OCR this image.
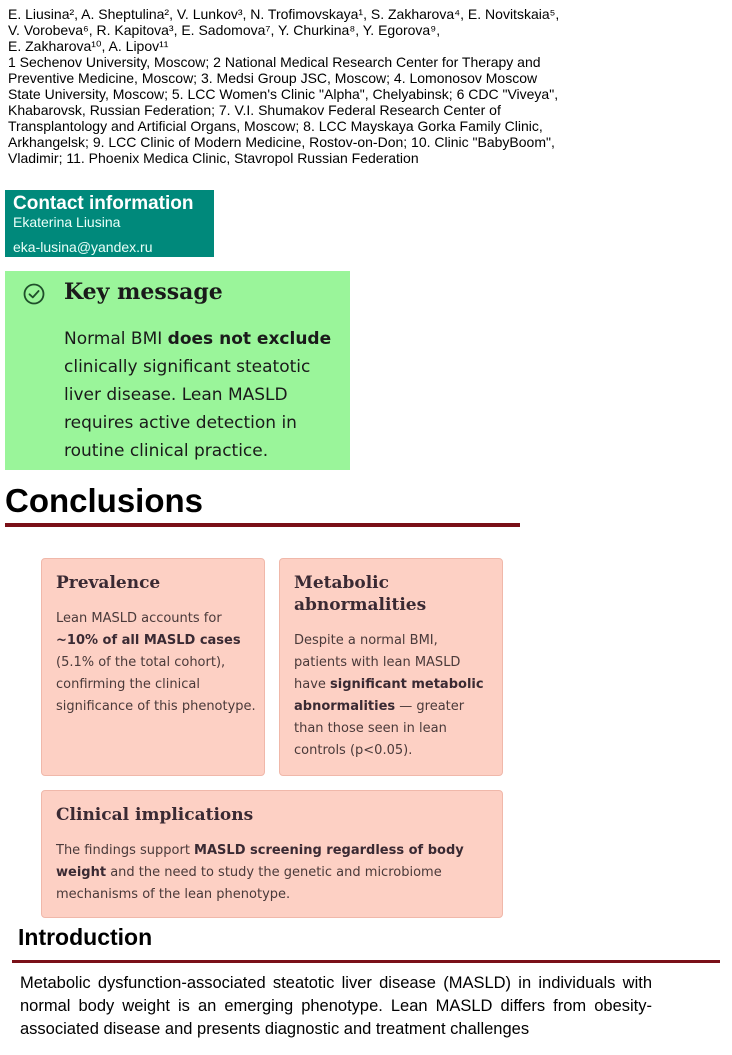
E. Liusina², A. Sheptulina², V. Lunkov³, N. Trofimovskaya¹, S. Zakharova⁴, E. Novitskaia⁵,

V. Vorobeva⁶, R. Kapitova³, E. Sadomova⁷, Y. Churkina⁸, Y. Egorova⁹,

E. Zakharova¹⁰, A. Lipov¹¹

1 Sechenov University, Moscow; 2 National Medical Research Center for Therapy and

Preventive Medicine, Moscow; 3. Medsi Group JSC, Moscow; 4. Lomonosov Moscow

State University, Moscow; 5. LCC Women's Clinic "Alpha", Chelyabinsk; 6 CDC "Viveya",

Khabarovsk, Russian Federation; 7. V.I. Shumakov Federal Research Center of

Transplantology and Artificial Organs, Moscow; 8. LCC Mayskaya Gorka Family Clinic,

Arkhangelsk; 9. LCC Clinic of Modern Medicine, Rostov-on-Don; 10. Clinic "BabyBoom",

Vladimir; 11. Phoenix Medica Clinic, Stavropol Russian Federation

Contact information
Ekaterina Liusina
eka-lusina@yandex.ru
Key message
Normal BMI does not exclude clinically significant steatotic liver disease. Lean MASLD requires active detection in routine clinical practice.
Conclusions
Prevalence
Lean MASLD accounts for ~10% of all MASLD cases (5.1% of the total cohort), confirming the clinical significance of this phenotype.
Metabolic abnormalities
Despite a normal BMI, patients with lean MASLD have significant metabolic abnormalities — greater than those seen in lean controls (p<0.05).
Clinical implications
The findings support MASLD screening regardless of body weight and the need to study the genetic and microbiome mechanisms of the lean phenotype.
Introduction
Metabolic dysfunction-associated steatotic liver disease (MASLD) in individuals with normal body weight is an emerging phenotype. Lean MASLD differs from obesity-associated disease and presents diagnostic and treatment challenges
